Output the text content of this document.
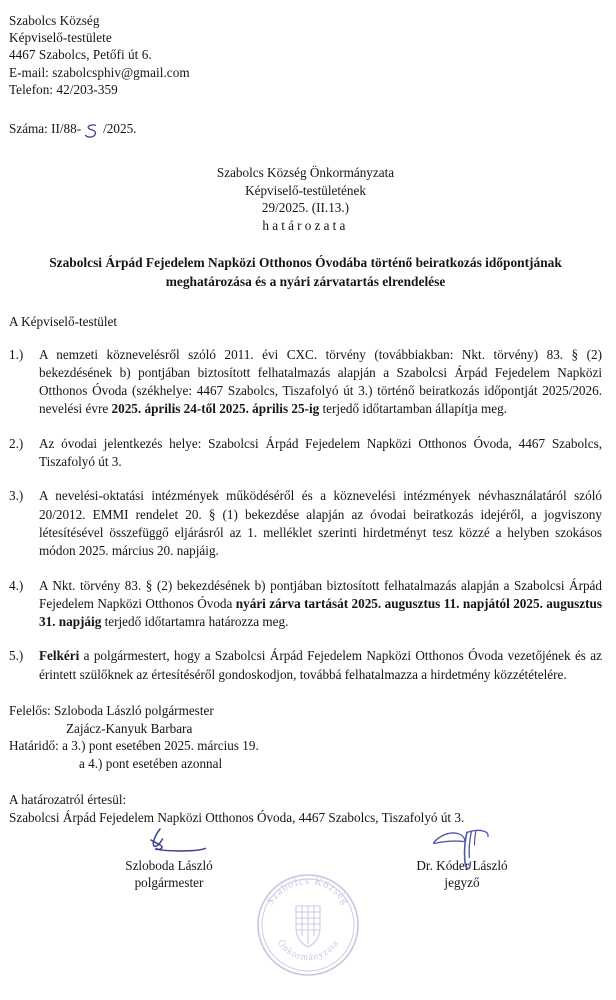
Szabolcs Község
Képviselő-testülete
4467 Szabolcs, Petőfi út 6.
E-mail: szabolcsphiv@gmail.com
Telefon: 42/203-359
Száma: II/88- /2025.
Szabolcs Község Önkormányzata
Képviselő-testületének
29/2025. (II.13.)
határozata
Szabolcsi Árpád Fejedelem Napközi Otthonos Óvodába történő beiratkozás időpontjának meghatározása és a nyári zárvatartás elrendelése
A Képviselő-testület
1.)	A nemzeti köznevelésről szóló 2011. évi CXC. törvény (továbbiakban: Nkt. törvény) 83. § (2) bekezdésének b) pontjában biztosított felhatalmazás alapján a Szabolcsi Árpád Fejedelem Napközi Otthonos Óvoda (székhelye: 4467 Szabolcs, Tiszafolyó út 3.) történő beiratkozás időpontját 2025/2026. nevelési évre 2025. április 24-től 2025. április 25-ig terjedő időtartamban állapítja meg.
2.)	Az óvodai jelentkezés helye: Szabolcsi Árpád Fejedelem Napközi Otthonos Óvoda, 4467 Szabolcs, Tiszafolyó út 3.
3.)	A nevelési-oktatási intézmények működéséről és a köznevelési intézmények névhasználatáról szóló 20/2012. EMMI rendelet 20. § (1) bekezdése alapján az óvodai beiratkozás idejéről, a jogviszony létesítésével összefüggő eljárásról az 1. melléklet szerinti hirdetményt tesz közzé a helyben szokásos módon 2025. március 20. napjáig.
4.)	A Nkt. törvény 83. § (2) bekezdésének b) pontjában biztosított felhatalmazás alapján a Szabolcsi Árpád Fejedelem Napközi Otthonos Óvoda nyári zárva tartását 2025. augusztus 11. napjától 2025. augusztus 31. napjáig terjedő időtartamra határozza meg.
5.)	Felkéri a polgármestert, hogy a Szabolcsi Árpád Fejedelem Napközi Otthonos Óvoda vezetőjének és az érintett szülőknek az értesítéséről gondoskodjon, továbbá felhatalmazza a hirdetmény közzétételére.
Felelős: Szloboda László polgármester
Zajácz-Kanyuk Barbara
Határidő: a 3.) pont esetében 2025. március 19.
a 4.) pont esetében azonnal
A határozatról értesül:
Szabolcsi Árpád Fejedelem Napközi Otthonos Óvoda, 4467 Szabolcs, Tiszafolyó út 3.
Szloboda László
polgármester
Dr. Kóder László
jegyző
Szabolcs Község
Önkormányzata
